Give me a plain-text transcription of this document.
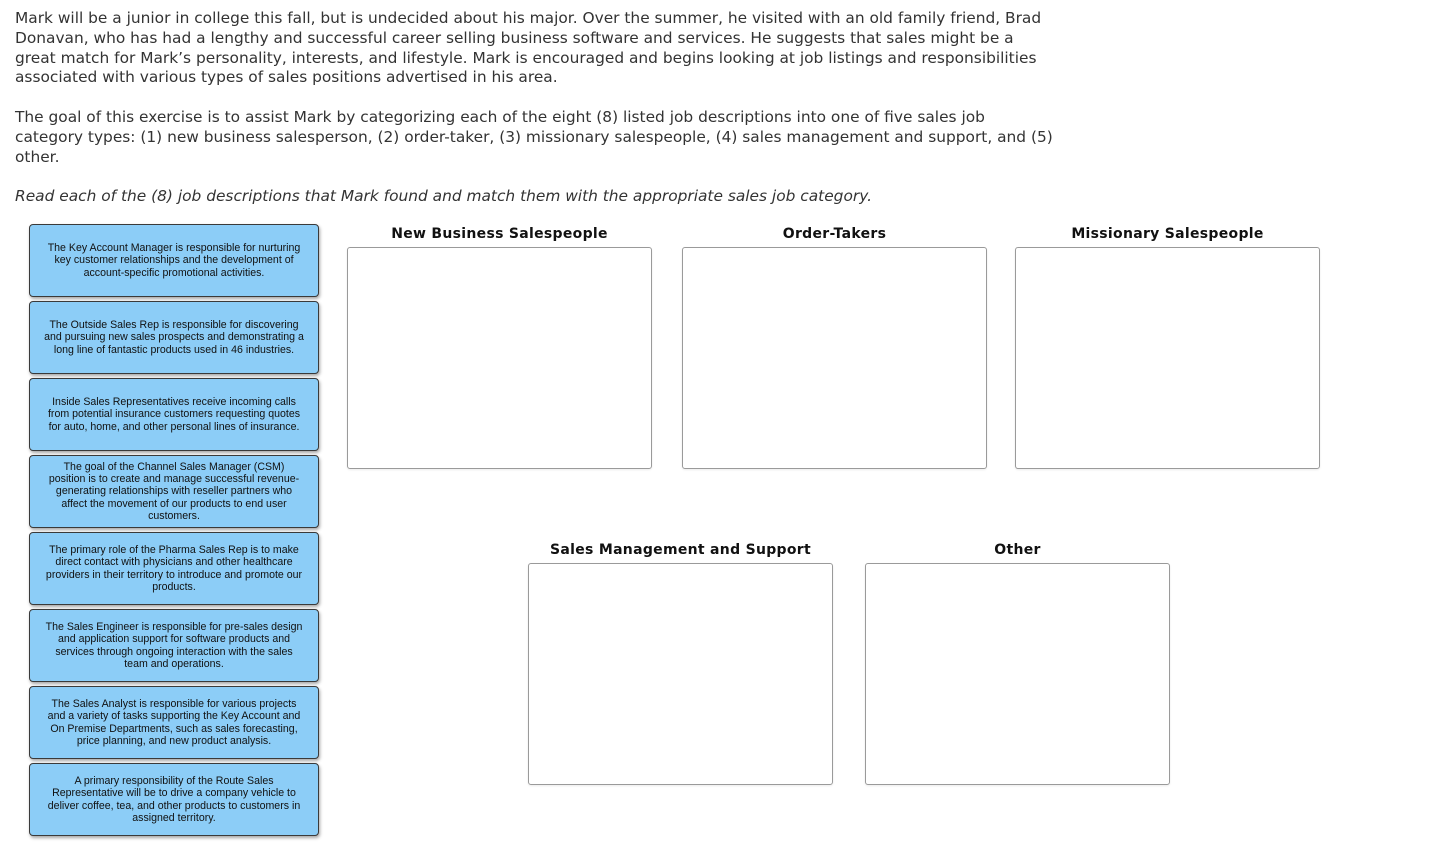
Mark will be a junior in college this fall, but is undecided about his major. Over the summer, he visited with an old family friend, Brad Donavan, who has had a lengthy and successful career selling business software and services. He suggests that sales might be a great match for Mark’s personality, interests, and lifestyle. Mark is encouraged and begins looking at job listings and responsibilities associated with various types of sales positions advertised in his area.

The goal of this exercise is to assist Mark by categorizing each of the eight (8) listed job descriptions into one of five sales job category types: (1) new business salesperson, (2) order-taker, (3) missionary salespeople, (4) sales management and support, and (5) other.

Read each of the (8) job descriptions that Mark found and match them with the appropriate sales job category.

The Key Account Manager is responsible for nurturing key customer relationships and the development of account-specific promotional activities.
The Outside Sales Rep is responsible for discovering and pursuing new sales prospects and demonstrating a long line of fantastic products used in 46 industries.
Inside Sales Representatives receive incoming calls from potential insurance customers requesting quotes for auto, home, and other personal lines of insurance.
The goal of the Channel Sales Manager (CSM) position is to create and manage successful revenue-generating relationships with reseller partners who affect the movement of our products to end user customers.
The primary role of the Pharma Sales Rep is to make direct contact with physicians and other healthcare providers in their territory to introduce and promote our products.
The Sales Engineer is responsible for pre-sales design and application support for software products and services through ongoing interaction with the sales team and operations.
The Sales Analyst is responsible for various projects and a variety of tasks supporting the Key Account and On Premise Departments, such as sales forecasting, price planning, and new product analysis.
A primary responsibility of the Route Sales Representative will be to drive a company vehicle to deliver coffee, tea, and other products to customers in assigned territory.
New Business Salespeople	Order-Takers	Missionary Salespeople
Sales Management and Support	Other
